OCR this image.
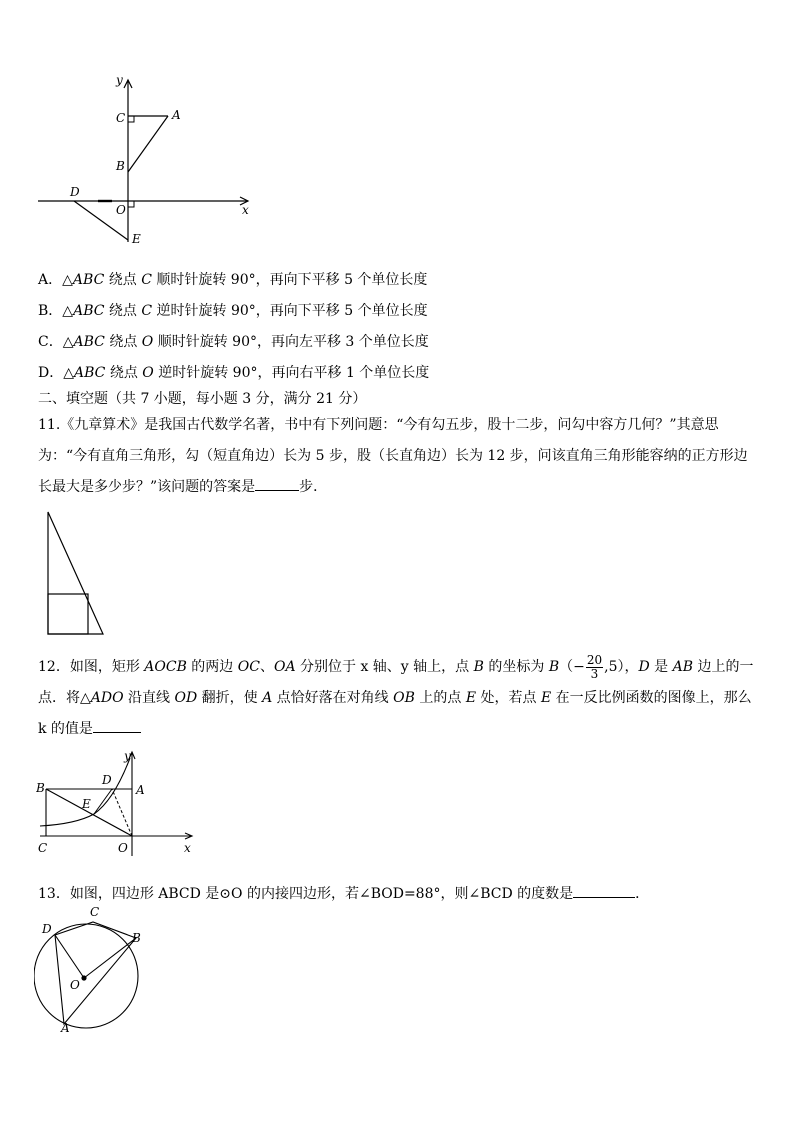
y
x
A
C
B
D
O
E
A．△ABC 绕点 C 顺时针旋转 90°，再向下平移 5 个单位长度
B．△ABC 绕点 C 逆时针旋转 90°，再向下平移 5 个单位长度
C．△ABC 绕点 O 顺时针旋转 90°，再向左平移 3 个单位长度
D．△ABC 绕点 O 逆时针旋转 90°，再向右平移 1 个单位长度
二、填空题（共 7 小题，每小题 3 分，满分 21 分）
11.《九章算术》是我国古代数学名著，书中有下列问题：“今有勾五步，股十二步，问勾中容方几何？”其意思为：“今有直角三角形，勾（短直角边）长为 5 步，股（长直角边）长为 12 步，问该直角三角形能容纳的正方形边长最大是多少步？”该问题的答案是	步．
12．如图，矩形 AOCB 的两边 OC、OA 分别位于 x 轴、y 轴上，点 B 的坐标为 $B(- \frac{20}{3} ,5)$，D 是 AB 边上的一点．将△ADO 沿直线 OD 翻折，使 A 点恰好落在对角线 OB 上的点 E 处，若点 E 在一反比例函数的图像上，那么 k 的值是
B
D
y
A
E
C	O	x
13．如图，四边形 ABCD 是⊙O 的内接四边形，若∠BOD=88°，则∠BCD 的度数是	．
C
D
B
O
A
